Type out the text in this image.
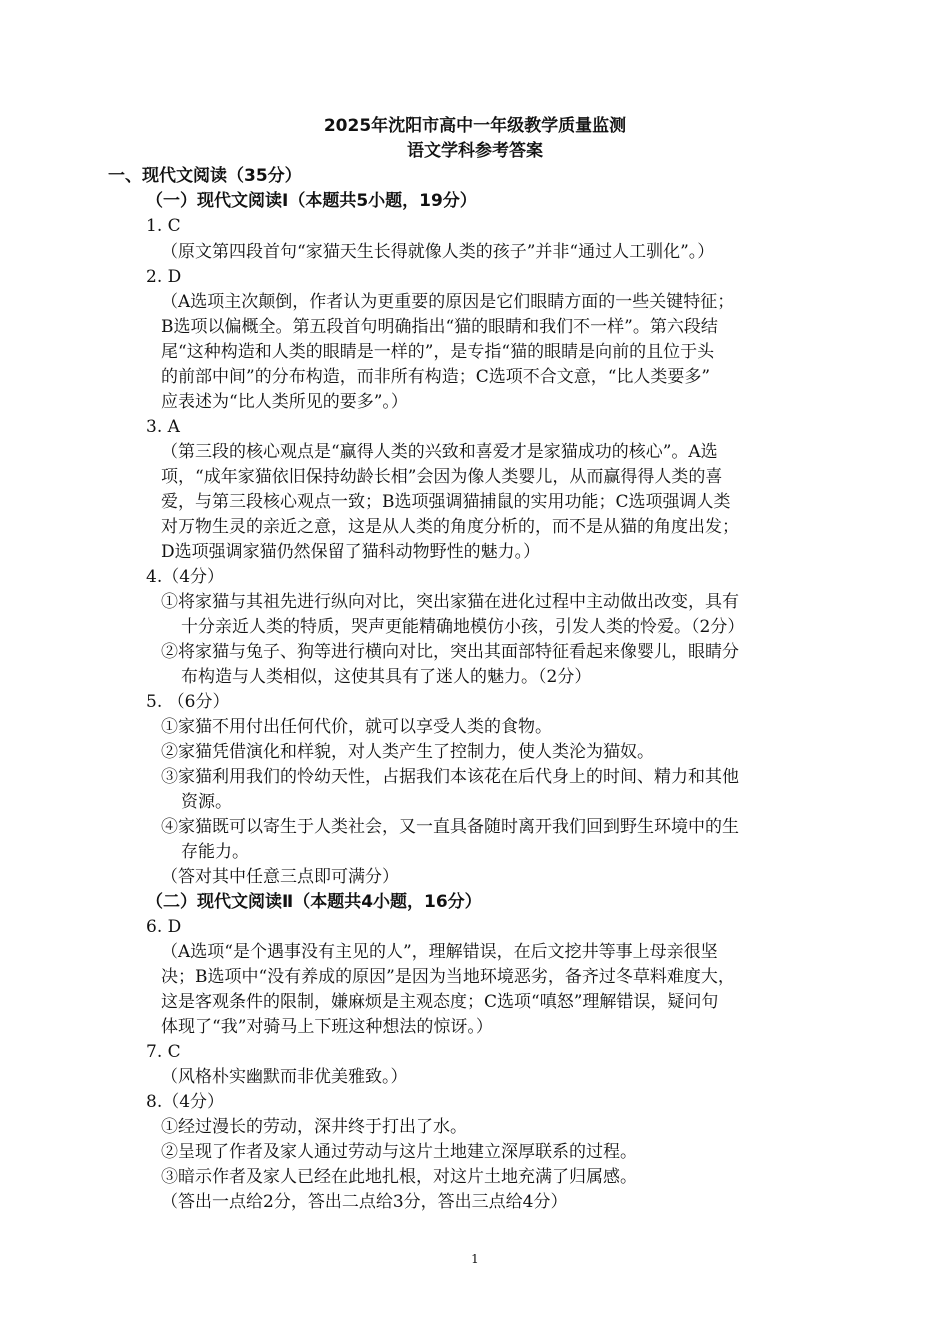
2025年沈阳市高中一年级教学质量监测
语文学科参考答案
一、现代文阅读（35分）
（一）现代文阅读Ⅰ（本题共5小题，19分）
1. C
（原文第四段首句“家猫天生长得就像人类的孩子”并非“通过人工驯化”。）
2. D
（A选项主次颠倒，作者认为更重要的原因是它们眼睛方面的一些关键特征；
B选项以偏概全。第五段首句明确指出“猫的眼睛和我们不一样”。第六段结
尾“这种构造和人类的眼睛是一样的”，是专指“猫的眼睛是向前的且位于头
的前部中间”的分布构造，而非所有构造；C选项不合文意，“比人类要多”
应表述为“比人类所见的要多”。）
3. A
（第三段的核心观点是“赢得人类的兴致和喜爱才是家猫成功的核心”。A选
项，“成年家猫依旧保持幼龄长相”会因为像人类婴儿，从而赢得得人类的喜
爱，与第三段核心观点一致；B选项强调猫捕鼠的实用功能；C选项强调人类
对万物生灵的亲近之意，这是从人类的角度分析的，而不是从猫的角度出发；
D选项强调家猫仍然保留了猫科动物野性的魅力。）
4.（4分）
①将家猫与其祖先进行纵向对比，突出家猫在进化过程中主动做出改变，具有
十分亲近人类的特质，哭声更能精确地模仿小孩，引发人类的怜爱。（2分）
②将家猫与兔子、狗等进行横向对比，突出其面部特征看起来像婴儿，眼睛分
布构造与人类相似，这使其具有了迷人的魅力。（2分）
5. （6分）
①家猫不用付出任何代价，就可以享受人类的食物。
②家猫凭借演化和样貌，对人类产生了控制力，使人类沦为猫奴。
③家猫利用我们的怜幼天性，占据我们本该花在后代身上的时间、精力和其他
资源。
④家猫既可以寄生于人类社会，又一直具备随时离开我们回到野生环境中的生
存能力。
（答对其中任意三点即可满分）
（二）现代文阅读Ⅱ（本题共4小题，16分）
6. D
（A选项“是个遇事没有主见的人”，理解错误，在后文挖井等事上母亲很坚
决；B选项中“没有养成的原因”是因为当地环境恶劣，备齐过冬草料难度大，
这是客观条件的限制，嫌麻烦是主观态度；C选项“嗔怒”理解错误，疑问句
体现了“我”对骑马上下班这种想法的惊讶。）
7. C
（风格朴实幽默而非优美雅致。）
8.（4分）
①经过漫长的劳动，深井终于打出了水。
②呈现了作者及家人通过劳动与这片土地建立深厚联系的过程。
③暗示作者及家人已经在此地扎根，对这片土地充满了归属感。
（答出一点给2分，答出二点给3分，答出三点给4分）
1
